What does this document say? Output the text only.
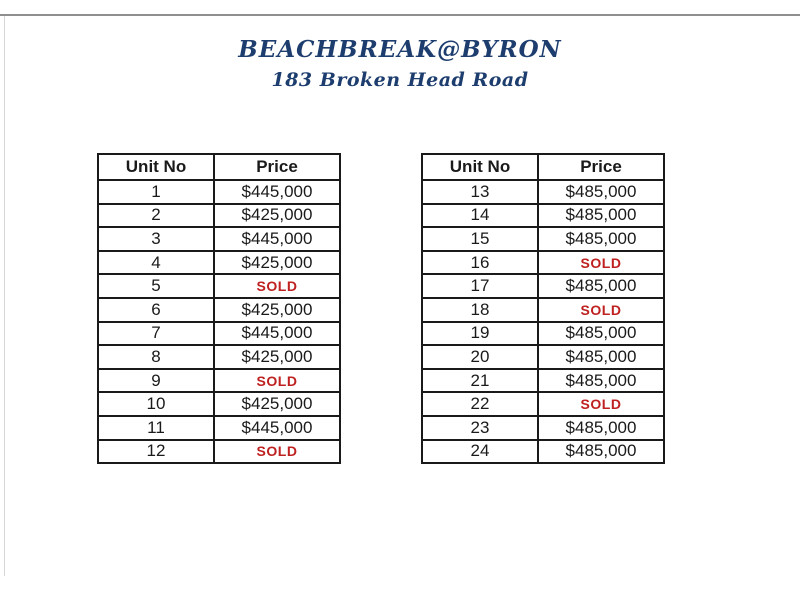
BEACHBREAK@BYRON
183 Broken Head Road
Unit No	Price
1	$445,000
2	$425,000
3	$445,000
4	$425,000
5	SOLD
6	$425,000
7	$445,000
8	$425,000
9	SOLD
10	$425,000
11	$445,000
12	SOLD
Unit No	Price
13	$485,000
14	$485,000
15	$485,000
16	SOLD
17	$485,000
18	SOLD
19	$485,000
20	$485,000
21	$485,000
22	SOLD
23	$485,000
24	$485,000
